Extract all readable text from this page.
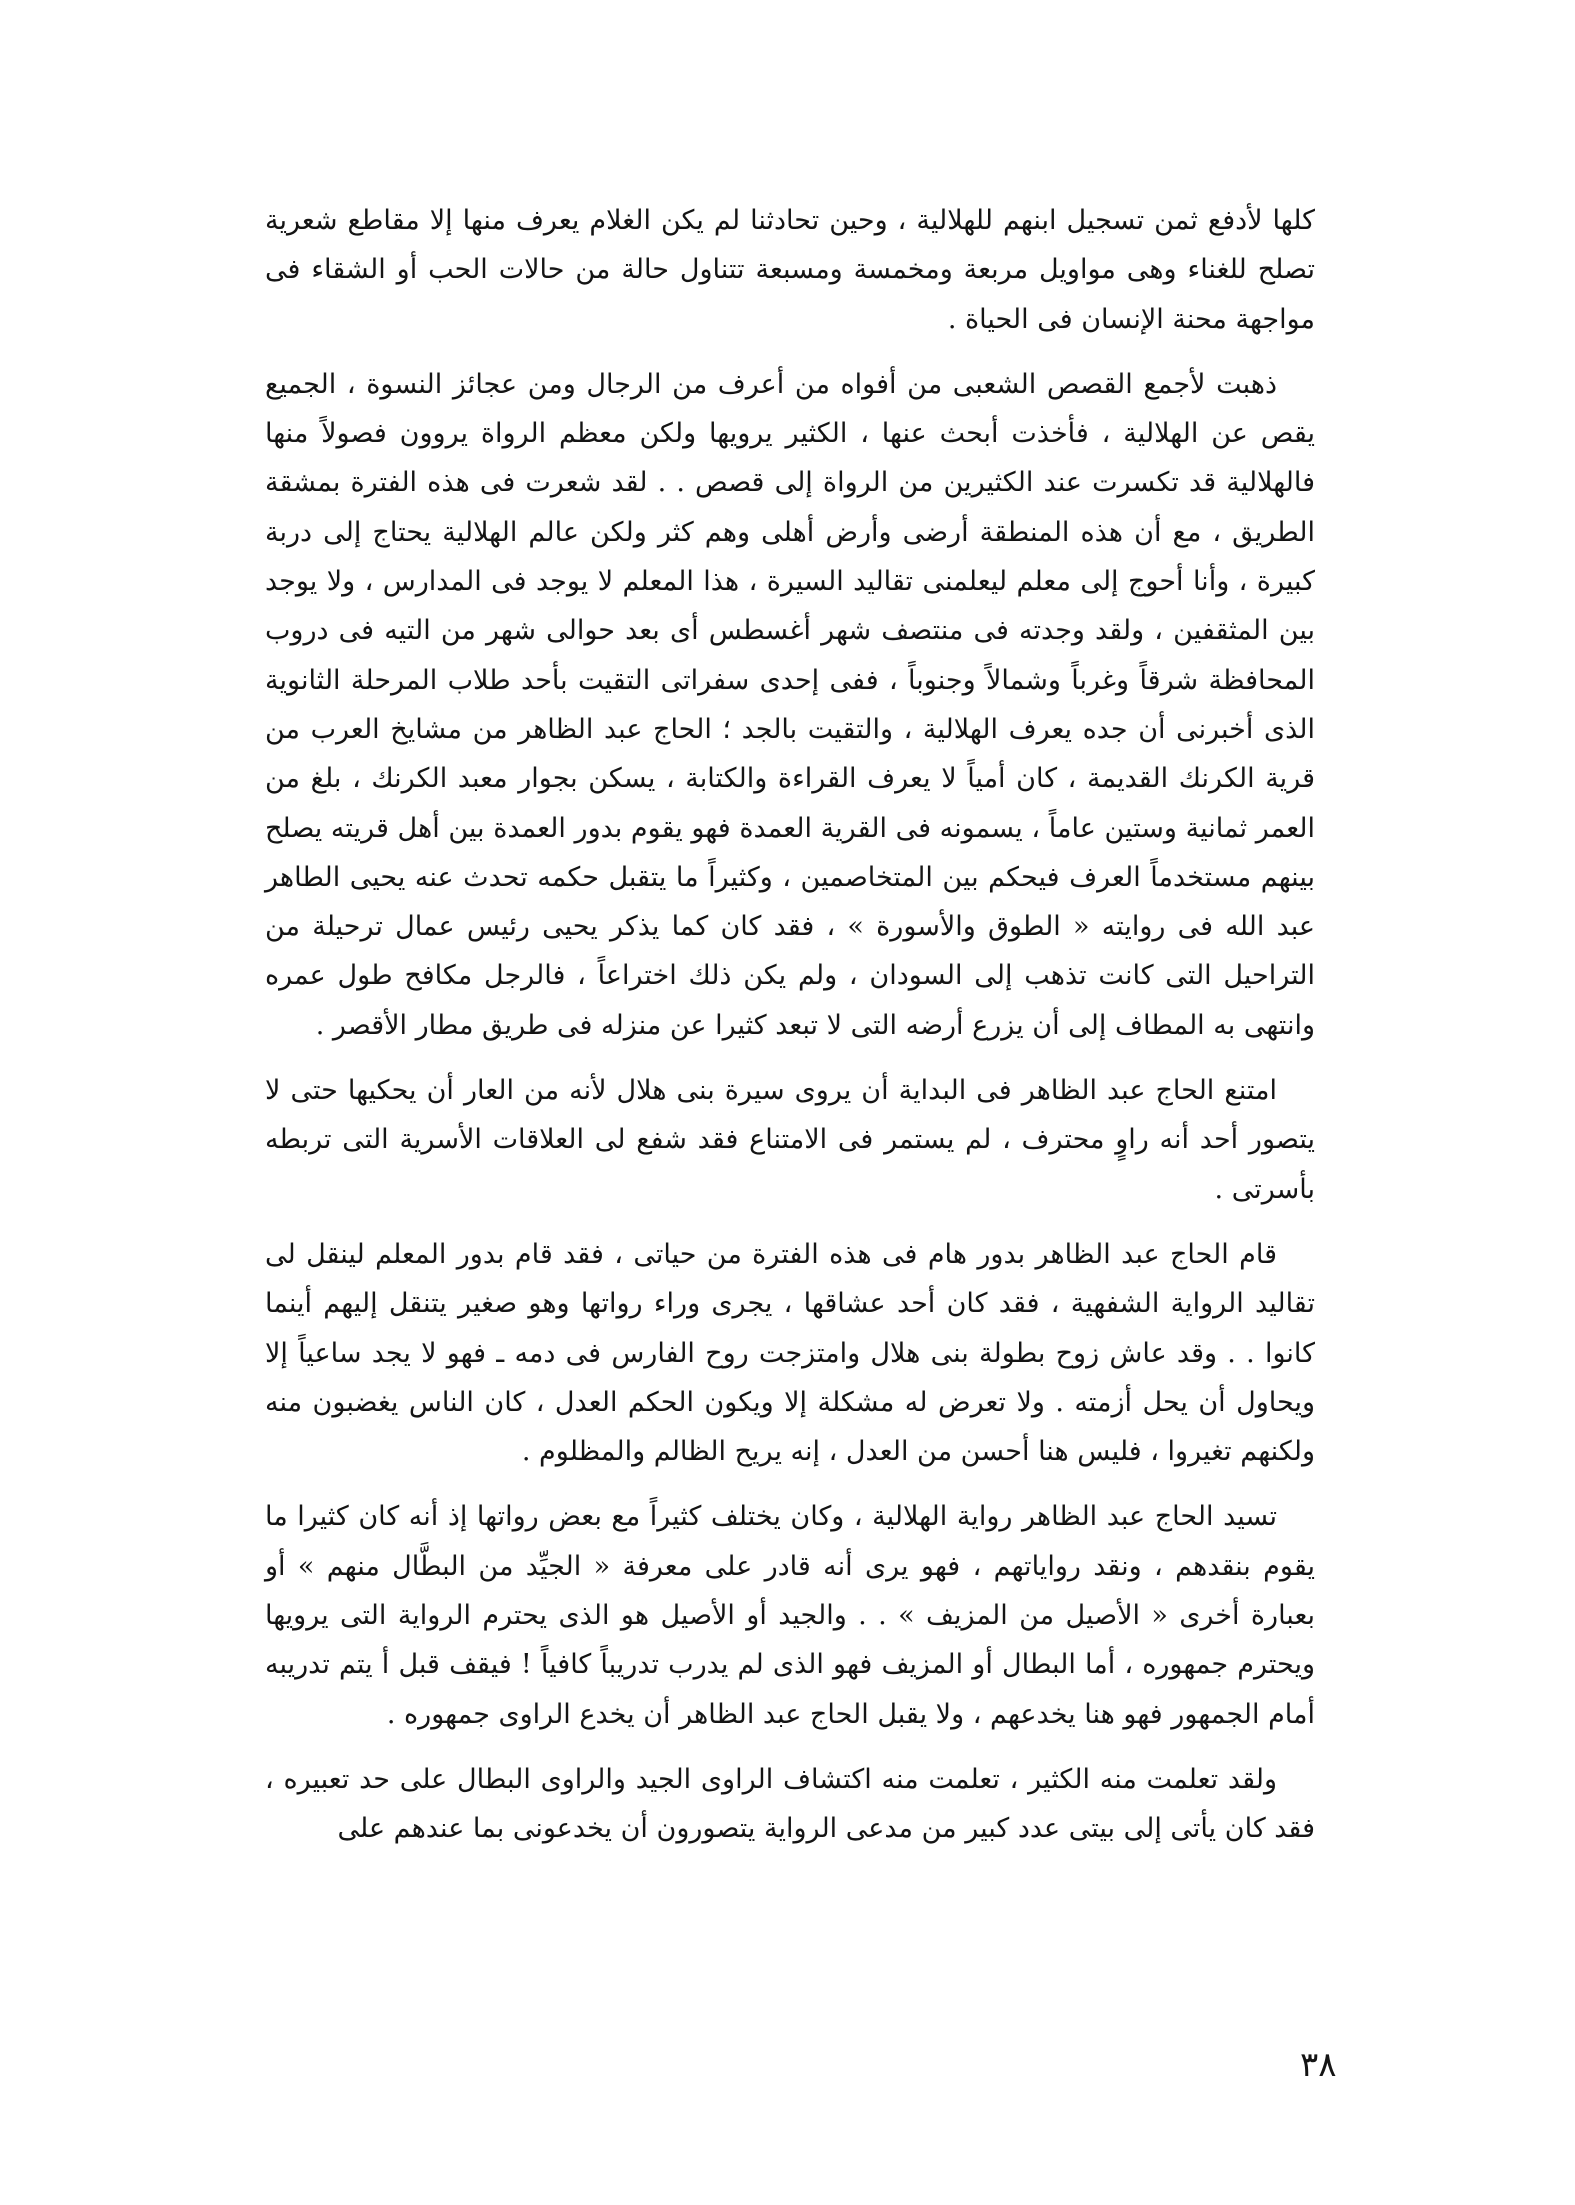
كلها لأدفع ثمن تسجيل ابنهم للهلالية ، وحين تحادثنا لم يكن الغلام يعرف منها إلا مقاطع شعرية تصلح للغناء وهى مواويل مربعة ومخمسة ومسبعة تتناول حالة من حالات الحب أو الشقاء فى مواجهة محنة الإنسان فى الحياة .

ذهبت لأجمع القصص الشعبى من أفواه من أعرف من الرجال ومن عجائز النسوة ، الجميع يقص عن الهلالية ، فأخذت أبحث عنها ، الكثير يرويها ولكن معظم الرواة يروون فصولاً منها فالهلالية قد تكسرت عند الكثيرين من الرواة إلى قصص . . لقد شعرت فى هذه الفترة بمشقة الطريق ، مع أن هذه المنطقة أرضى وأرض أهلى وهم كثر ولكن عالم الهلالية يحتاج إلى دربة كبيرة ، وأنا أحوج إلى معلم ليعلمنى تقاليد السيرة ، هذا المعلم لا يوجد فى المدارس ، ولا يوجد بين المثقفين ، ولقد وجدته فى منتصف شهر أغسطس أى بعد حوالى شهر من التيه فى دروب المحافظة شرقاً وغرباً وشمالاً وجنوباً ، ففى إحدى سفراتى التقيت بأحد طلاب المرحلة الثانوية الذى أخبرنى أن جده يعرف الهلالية ، والتقيت بالجد ؛ الحاج عبد الظاهر من مشايخ العرب من قرية الكرنك القديمة ، كان أمياً لا يعرف القراءة والكتابة ، يسكن بجوار معبد الكرنك ، بلغ من العمر ثمانية وستين عاماً ، يسمونه فى القرية العمدة فهو يقوم بدور العمدة بين أهل قريته يصلح بينهم مستخدماً العرف فيحكم بين المتخاصمين ، وكثيراً ما يتقبل حكمه تحدث عنه يحيى الطاهر عبد الله فى روايته « الطوق والأسورة » ، فقد كان كما يذكر يحيى رئيس عمال ترحيلة من التراحيل التى كانت تذهب إلى السودان ، ولم يكن ذلك اختراعاً ، فالرجل مكافح طول عمره وانتهى به المطاف إلى أن يزرع أرضه التى لا تبعد كثيرا عن منزله فى طريق مطار الأقصر .

امتنع الحاج عبد الظاهر فى البداية أن يروى سيرة بنى هلال لأنه من العار أن يحكيها حتى لا يتصور أحد أنه راوٍ محترف ، لم يستمر فى الامتناع فقد شفع لى العلاقات الأسرية التى تربطه بأسرتى .

قام الحاج عبد الظاهر بدور هام فى هذه الفترة من حياتى ، فقد قام بدور المعلم لينقل لى تقاليد الرواية الشفهية ، فقد كان أحد عشاقها ، يجرى وراء رواتها وهو صغير يتنقل إليهم أينما كانوا . . وقد عاش زوح بطولة بنى هلال وامتزجت روح الفارس فى دمه ـ فهو لا يجد ساعياً إلا ويحاول أن يحل أزمته . ولا تعرض له مشكلة إلا ويكون الحكم العدل ، كان الناس يغضبون منه ولكنهم تغيروا ، فليس هنا أحسن من العدل ، إنه يريح الظالم والمظلوم .

تسيد الحاج عبد الظاهر رواية الهلالية ، وكان يختلف كثيراً مع بعض رواتها إذ أنه كان كثيرا ما يقوم بنقدهم ، ونقد رواياتهم ، فهو يرى أنه قادر على معرفة « الجيِّد من البطَّال منهم » أو بعبارة أخرى « الأصيل من المزيف » . . والجيد أو الأصيل هو الذى يحترم الرواية التى يرويها ويحترم جمهوره ، أما البطال أو المزيف فهو الذى لم يدرب تدريباً كافياً ! فيقف قبل أ يتم تدريبه أمام الجمهور فهو هنا يخدعهم ، ولا يقبل الحاج عبد الظاهر أن يخدع الراوى جمهوره .

ولقد تعلمت منه الكثير ، تعلمت منه اكتشاف الراوى الجيد والراوى البطال على حد تعبيره ، فقد كان يأتى إلى بيتى عدد كبير من مدعى الرواية يتصورون أن يخدعونى بما عندهم على

٣٨
